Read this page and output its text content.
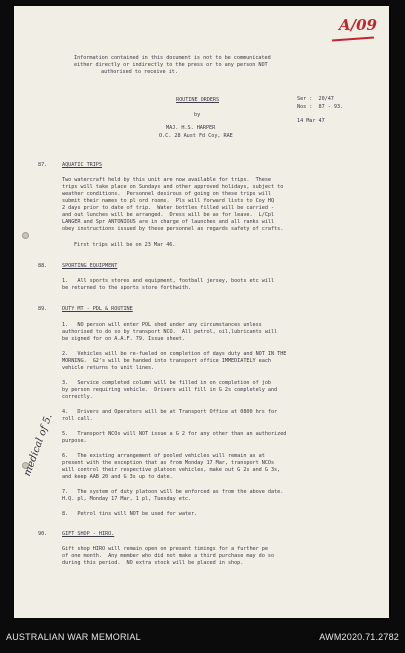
A/09
Information contained in this document is not to be communicated
either directly or indirectly to the press or to any person NOT
authorised to receive it.
ROUTINE ORDERS	Ser :  20/47
Nos :  87 - 93.
by
14 Mar 47
MAJ. H.S. HARPER
O.C. 28 Aust Fd Coy, RAE
87.	AQUATIC TRIPS
Two watercraft held by this unit are now available for trips.  These
trips will take place on Sundays and other approved holidays, subject to
weather conditions.  Personnel desirous of going on these trips will
submit their names to pl ord rooms.  Pls will forward lists to Coy HQ
2 days prior to date of trip.  Water bottles filled will be carried -
and out lunches will be arranged.  Dress will be as for leave.  L/Cpl
LANGER and Spr ANTONIOUS are in charge of launches and all ranks will
obey instructions issued by these personnel as regards safety of crafts.
First trips will be on 23 Mar 46.
88.	SPORTING EQUIPMENT
1.   All sports stores and equipment, football jersey, boots etc will
be returned to the sports store forthwith.
89.	DUTY MT - PDL & ROUTINE
1.   NO person will enter POL shed under any circumstances unless
authorised to do so by transport NCO.  All petrol, oil,lubricants will
be signed for on A.A.F. 79. Issue sheet.
2.   Vehicles will be re-fueled on completion of days duty and NOT IN THE
MORNING.  G2's will be handed into transport office IMMEDIATELY each
vehicle returns to unit lines.
3.   Service completed column will be filled in on completion of job
by person requiring vehicle.  Drivers will fill in G 2s completely and
correctly.
4.   Drivers and Operators will be at Transport Office at 0800 hrs for
roll call.
5.   Transport NCOs will NOT issue a G 2 for any other than an authorized
purpose.
6.   The existing arrangement of pooled vehicles will remain as at
present with the exception that as from Monday 17 Mar, transport NCOs
will control their respective platoon vehicles, make out G 2s and G 3s,
and keep AAB 20 and G 3s up to date.
7.   The system of duty platoon will be enforced as from the above date.
H.Q. pl, Monday 17 Mar, 1 pl, Tuesday etc.
8.   Petrol tins will NOT be used for water.
90.	GIFT SHOP - HIRO.
Gift shop HIRO will remain open on present timings for a further pe
of one month.  Any member who did not make a third purchase may do so
during this period.  NO extra stock will be placed in shop.
medical of 5.
AUSTRALIAN WAR MEMORIAL	AWM2020.71.2782
